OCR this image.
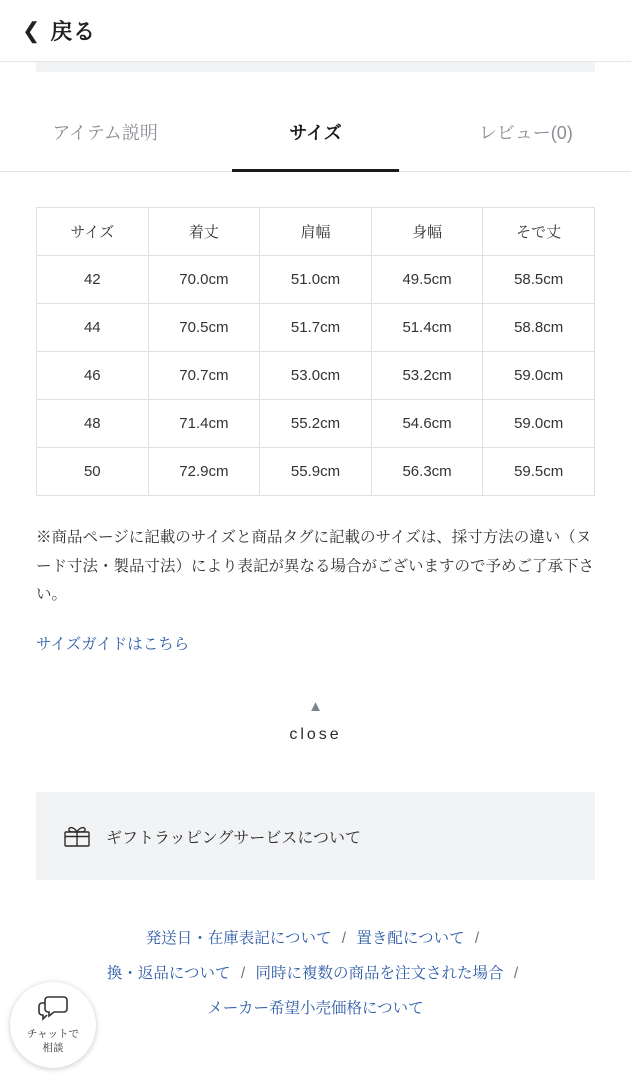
❮ 戻る
アイテム説明	サイズ	レビュー(0)
サイズ	着丈	肩幅	身幅	そで丈
42	70.0cm	51.0cm	49.5cm	58.5cm
44	70.5cm	51.7cm	51.4cm	58.8cm
46	70.7cm	53.0cm	53.2cm	59.0cm
48	71.4cm	55.2cm	54.6cm	59.0cm
50	72.9cm	55.9cm	56.3cm	59.5cm
※商品ページに記載のサイズと商品タグに記載のサイズは、採寸方法の違い（ヌード寸法・製品寸法）により表記が異なる場合がございますので予めご了承下さい。
サイズガイドはこちら
▲
close
ギフトラッピングサービスについて
発送日・在庫表記について / 置き配について /
換・返品について / 同時に複数の商品を注文された場合 /
メーカー希望小売価格について
チャットで
相談
